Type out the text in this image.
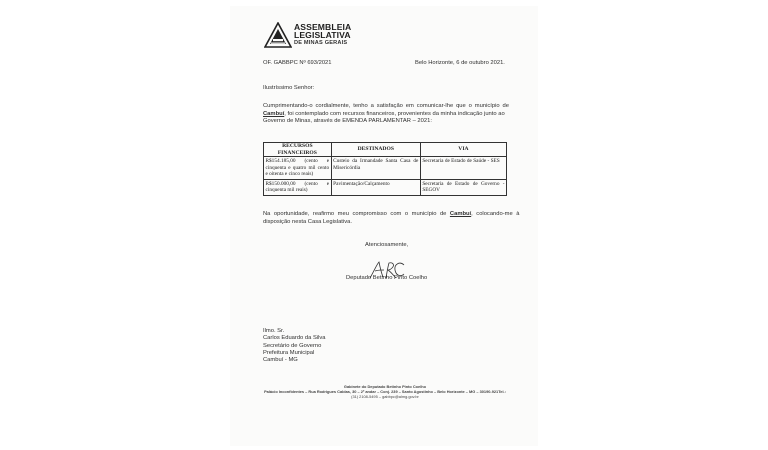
ASSEMBLEIA
LEGISLATIVA
DE MINAS GERAIS
OF. GABBPC Nº 693/2021	Belo Horizonte, 6 de outubro 2021.
Ilustríssimo Senhor:
Cumprimentando-o cordialmente, tenho a satisfação em comunicar-lhe que o município de
Cambuí, foi contemplado com recursos financeiros, provenientes da minha indicação junto ao
Governo de Minas, através de EMENDA PARLAMENTAR – 2021:
RECURSOS FINANCEIROS	DESTINADOS	VIA
R$154.185,00 (cento e cinquenta e quatro mil cento e oitenta e cinco reais)	Custeio da Irmandade Santa Casa de Misericórdia	Secretaria de Estado de Saúde - SES
R$150.000,00 (cento e cinquenta mil reais)	Pavimentação/Calçamento	Secretaria de Estado de Governo - SEGOV
Na oportunidade, reafirmo meu compromisso com o município de Cambuí, colocando-me à
disposição nesta Casa Legislativa.
Atenciosamente,
Deputado Betinho Pinto Coelho
Ilmo. Sr.
Carlos Eduardo da Silva
Secretário de Governo
Prefeitura Municipal
Cambuí - MG
Gabinete do Deputado Betinho Pinto Coelho
Palácio Inconfidentes – Rua Rodrigues Caldas, 30 – 2º andar – Conj. 239 – Santo Agostinho – Belo Horizonte – MG – 30190-921Tel.:
(31) 2108-5495 – gabbpc@almg.gov.br
